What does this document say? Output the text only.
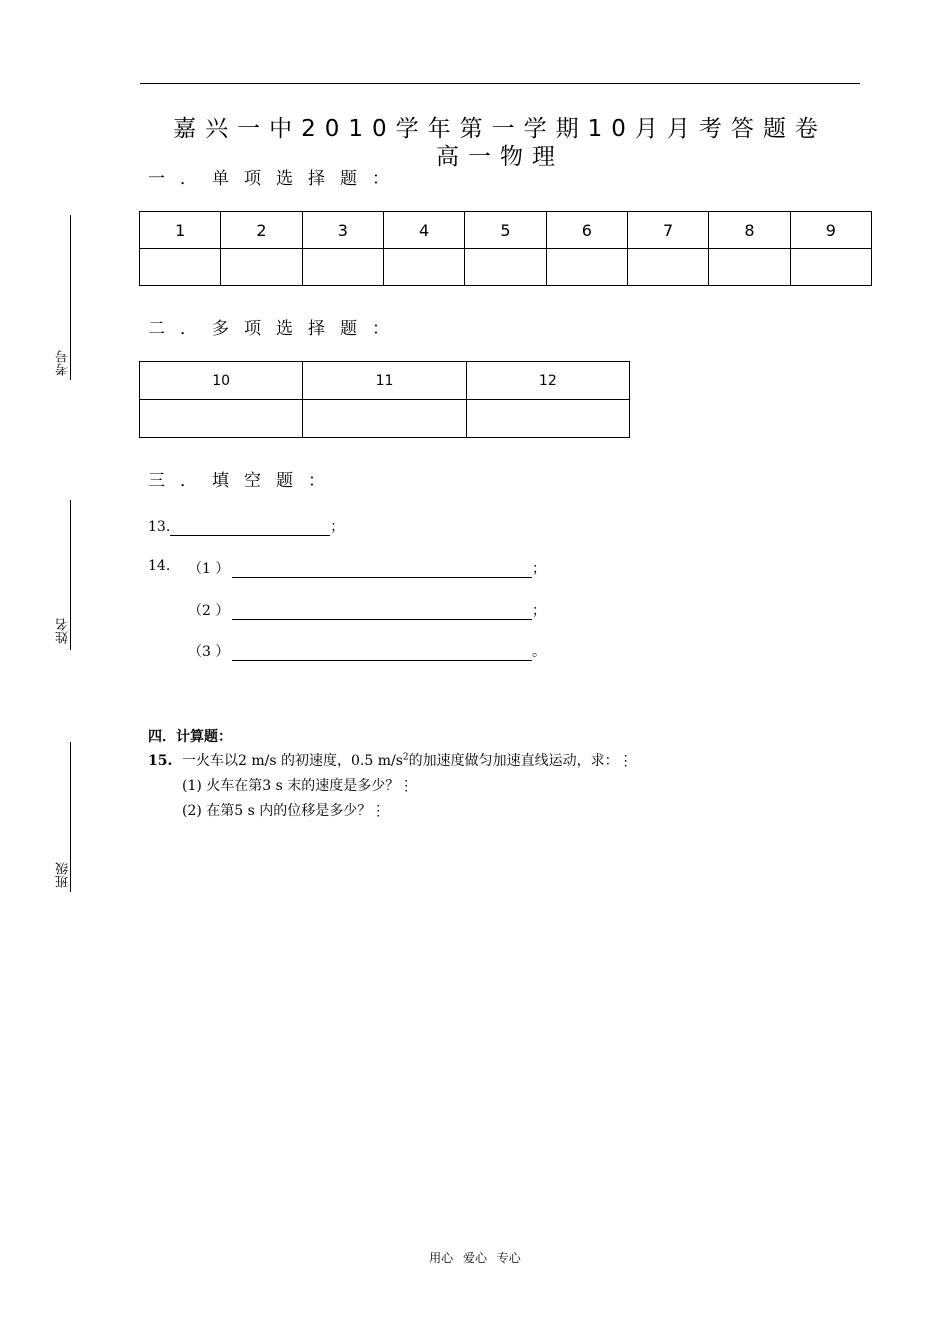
嘉兴一中2010学年第一学期10月月考答题卷
高一物理
一．单项选择题：
1	2	3	4	5	6	7	8	9

二．多项选择题：
10	11	12

三．填空题：
13.	；
14. （1 ）	；
（2 ）	；
（3 ）	。
四．计算题：
15. 一火车以2 m/s 的初速度，0.5 $m/s^2$的加速度做匀加速直线运动，求：⋮
(1) 火车在第3 s 末的速度是多少？⋮
(2) 在第5 s 内的位移是多少？⋮
考号
姓名
班级
用心 爱心 专心
